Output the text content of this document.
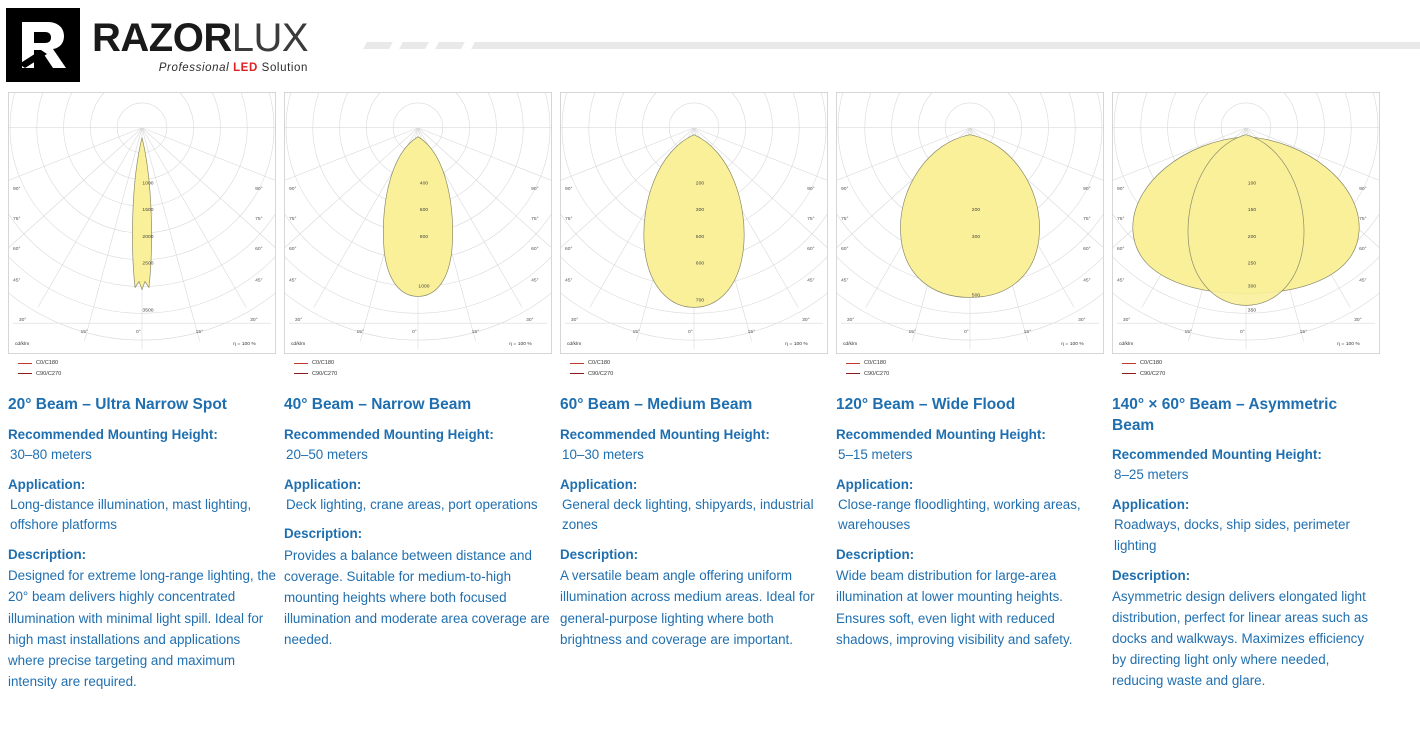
RAZORLUX
Professional LED Solution
1000
1500
2000
2500
3500
90°	90°
75°	75°
60°	60°
45°	45°
30°	30°
15°	15°
0°
cd/klm	η = 100 %
C0/C180
C90/C270
20° Beam – Ultra Narrow Spot
Recommended Mounting Height:
30–80 meters
Application:
Long-distance illumination, mast lighting, offshore platforms
Description:
Designed for extreme long-range lighting, the 20° beam delivers highly concentrated illumination with minimal light spill. Ideal for high mast installations and applications where precise targeting and maximum intensity are required.
400
600
800
1000
90°	90°
75°	75°
60°	60°
45°	45°
30°	30°
15°	15°
0°
cd/klm	η = 100 %
C0/C180
C90/C270
40° Beam – Narrow Beam
Recommended Mounting Height:
20–50 meters
Application:
Deck lighting, crane areas, port operations
Description:
Provides a balance between distance and coverage. Suitable for medium-to-high mounting heights where both focused illumination and moderate area coverage are needed.
200
300
500
600
700
90°	90°
75°	75°
60°	60°
45°	45°
30°	30°
15°	15°
0°
cd/klm	η = 100 %
C0/C180
C90/C270
60° Beam – Medium Beam
Recommended Mounting Height:
10–30 meters
Application:
General deck lighting, shipyards, industrial zones
Description:
A versatile beam angle offering uniform illumination across medium areas. Ideal for general-purpose lighting where both brightness and coverage are important.
200
300
500
90°	90°
75°	75°
60°	60°
45°	45°
30°	30°
15°	15°
0°
cd/klm	η = 100 %
C0/C180
C90/C270
120° Beam – Wide Flood
Recommended Mounting Height:
5–15 meters
Application:
Close-range floodlighting, working areas, warehouses
Description:
Wide beam distribution for large-area illumination at lower mounting heights. Ensures soft, even light with reduced shadows, improving visibility and safety.
100
150
200
250
300
350
90°	90°
75°	75°
60°	60°
45°	45°
30°	30°
15°	15°
0°
cd/klm	η = 100 %
C0/C180
C90/C270
140° × 60° Beam – Asymmetric Beam
Recommended Mounting Height:
8–25 meters
Application:
Roadways, docks, ship sides, perimeter lighting
Description:
Asymmetric design delivers elongated light distribution, perfect for linear areas such as docks and walkways. Maximizes efficiency by directing light only where needed, reducing waste and glare.
